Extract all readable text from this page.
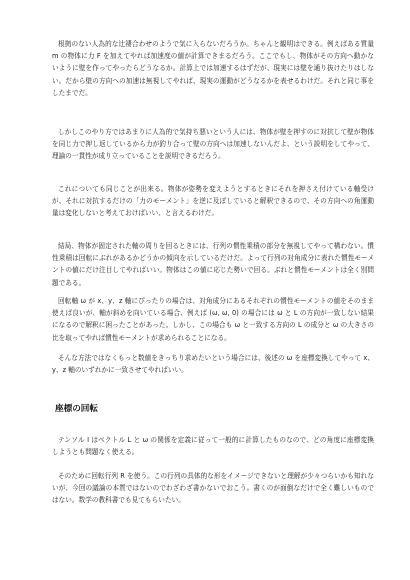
根拠のない人為的な辻褄合わせのようで気に入らないだろうか。ちゃんと観明はできる。例えばある質量 m の物体に力 F を加えてやれば加速度の値が計算できまるだろう。ここでもし、物体がその方向へ動かないように壁を作ってやったらどうなるか。計算上では加速するはずだが、現実には壁を通り抜けたりはしない。だから壁の方向への加速は無視してやれば、現実の運動がどうなるかを表せるわけだ。それと同じ事をしたまでだ。

しかしこのやり方ではあまりに人為的で気持ち悪いという人には、物体が壁を押すのに対抗して壁が物体を同じ力で押し返しているから力が釣り合って壁の方向へは加速しないんだよ、という説明をしてやって、理論の一貫性が成り立っていることを説明できるだろう。

これについても同じことが出来る。物体が姿勢を変えようとするときにそれを押さえ付けている軸受けが、それに対抗するだけの「力のモーメント」を逆に及ぼしていると解釈できるので、その方向への角運動量は変化しないと考えておけばいい、と言えるわけだ。

結局、物体が固定された軸の周りを回るときには、行列の慣性乗積の部分を無視してやって構わない。慣性乗積は回転にぶれがあるかどうかの傾向を示しているだけだ。よって行列の対角成分に表れた慣性モーメントの値にだけ注目してやればいい。物体はこの値に応じた勢いで回る。ぶれと慣性モーメントは全く別問題である。

回転軸 ω が x、y、z 軸にぴったりの場合は、対角成分にあるそれぞれの慣性モーメントの値をそのまま使えば良いが、軸が斜めを向いている場合、例えば (ω, ω, 0) の場合には ω と L の方向が一致しない結果になるので解釈に困ったことがあった。しかし、この場合も ω と一致する方向の L の成分と ω の大きさの比を取ってやれば慣性モーメントが求められることになる。

そんな方法ではなくもっと数値をきっちり求めたいという場合には、後述の ω を座標変換してやって x、y、z 軸のいずれかに一致させてやればいい。

座標の回転

テンソル I はベクトル L と ω の関係を定義に従って一般的に計算したものなので、どの角度に座標変換しようとも問題なく使える。

そのために回転行列 R を使う。この行列の具体的な形をイメージできないと理解が少々つらいかも知れないが、今回の議論の本質ではないのでわざわざ書かないでおこう。書くのが面倒なだけで全く難しいものではない。数学の教科書でも見てもらいたい。
